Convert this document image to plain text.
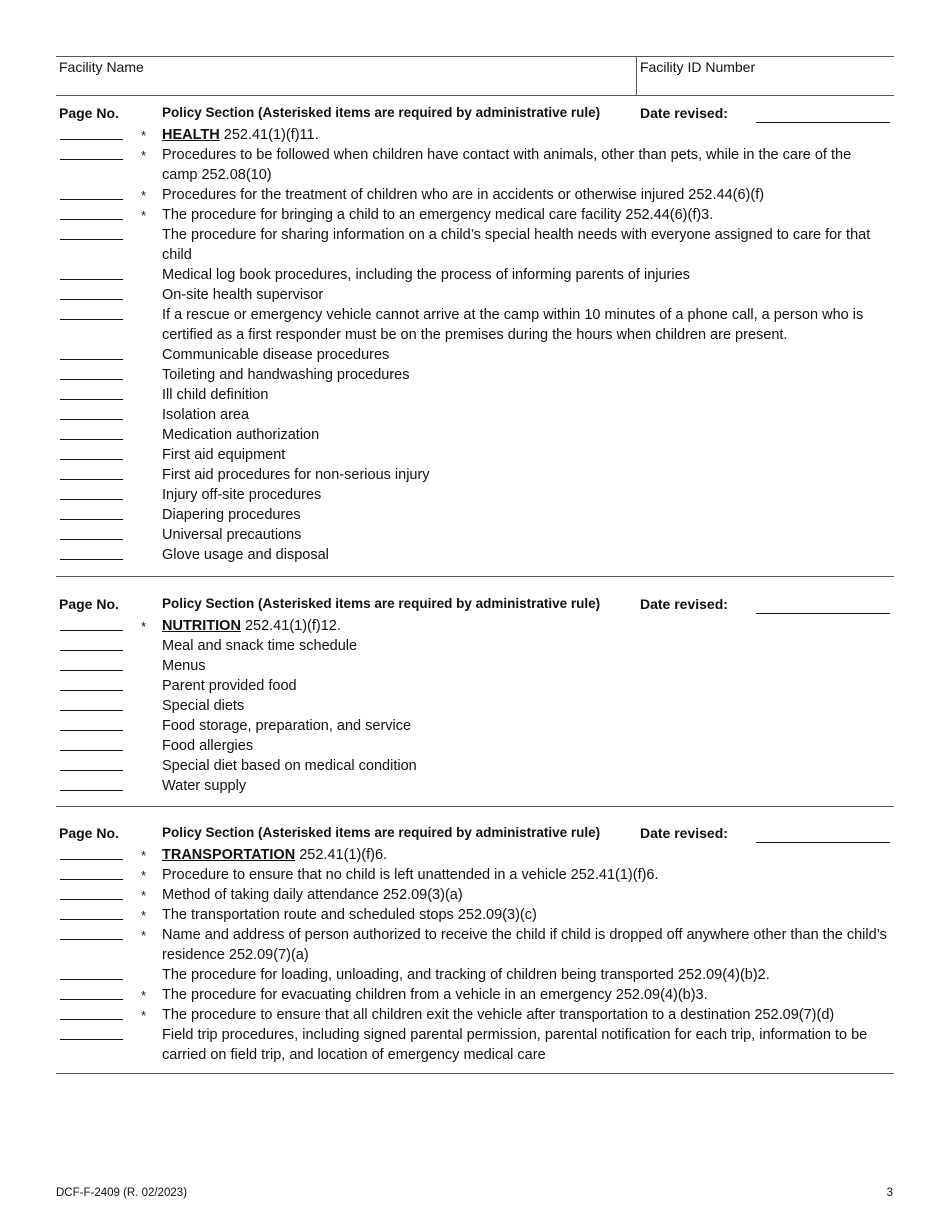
Facility Name	Facility ID Number
Page No.	Policy Section (Asterisked items are required by administrative rule)	Date revised:
* HEALTH 252.41(1)(f)11.
* Procedures to be followed when children have contact with animals, other than pets, while in the care of the camp 252.08(10)
* Procedures for the treatment of children who are in accidents or otherwise injured 252.44(6)(f)
* The procedure for bringing a child to an emergency medical care facility 252.44(6)(f)3.
The procedure for sharing information on a child’s special health needs with everyone assigned to care for that child
Medical log book procedures, including the process of informing parents of injuries
On-site health supervisor
If a rescue or emergency vehicle cannot arrive at the camp within 10 minutes of a phone call, a person who is certified as a first responder must be on the premises during the hours when children are present.
Communicable disease procedures
Toileting and handwashing procedures
Ill child definition
Isolation area
Medication authorization
First aid equipment
First aid procedures for non-serious injury
Injury off-site procedures
Diapering procedures
Universal precautions
Glove usage and disposal
Page No.	Policy Section (Asterisked items are required by administrative rule)	Date revised:
* NUTRITION 252.41(1)(f)12.
Meal and snack time schedule
Menus
Parent provided food
Special diets
Food storage, preparation, and service
Food allergies
Special diet based on medical condition
Water supply
Page No.	Policy Section (Asterisked items are required by administrative rule)	Date revised:
* TRANSPORTATION 252.41(1)(f)6.
* Procedure to ensure that no child is left unattended in a vehicle 252.41(1)(f)6.
* Method of taking daily attendance 252.09(3)(a)
* The transportation route and scheduled stops 252.09(3)(c)
* Name and address of person authorized to receive the child if child is dropped off anywhere other than the child’s residence 252.09(7)(a)
The procedure for loading, unloading, and tracking of children being transported 252.09(4)(b)2.
* The procedure for evacuating children from a vehicle in an emergency 252.09(4)(b)3.
* The procedure to ensure that all children exit the vehicle after transportation to a destination 252.09(7)(d)
Field trip procedures, including signed parental permission, parental notification for each trip, information to be carried on field trip, and location of emergency medical care
DCF-F-2409 (R. 02/2023)	3
